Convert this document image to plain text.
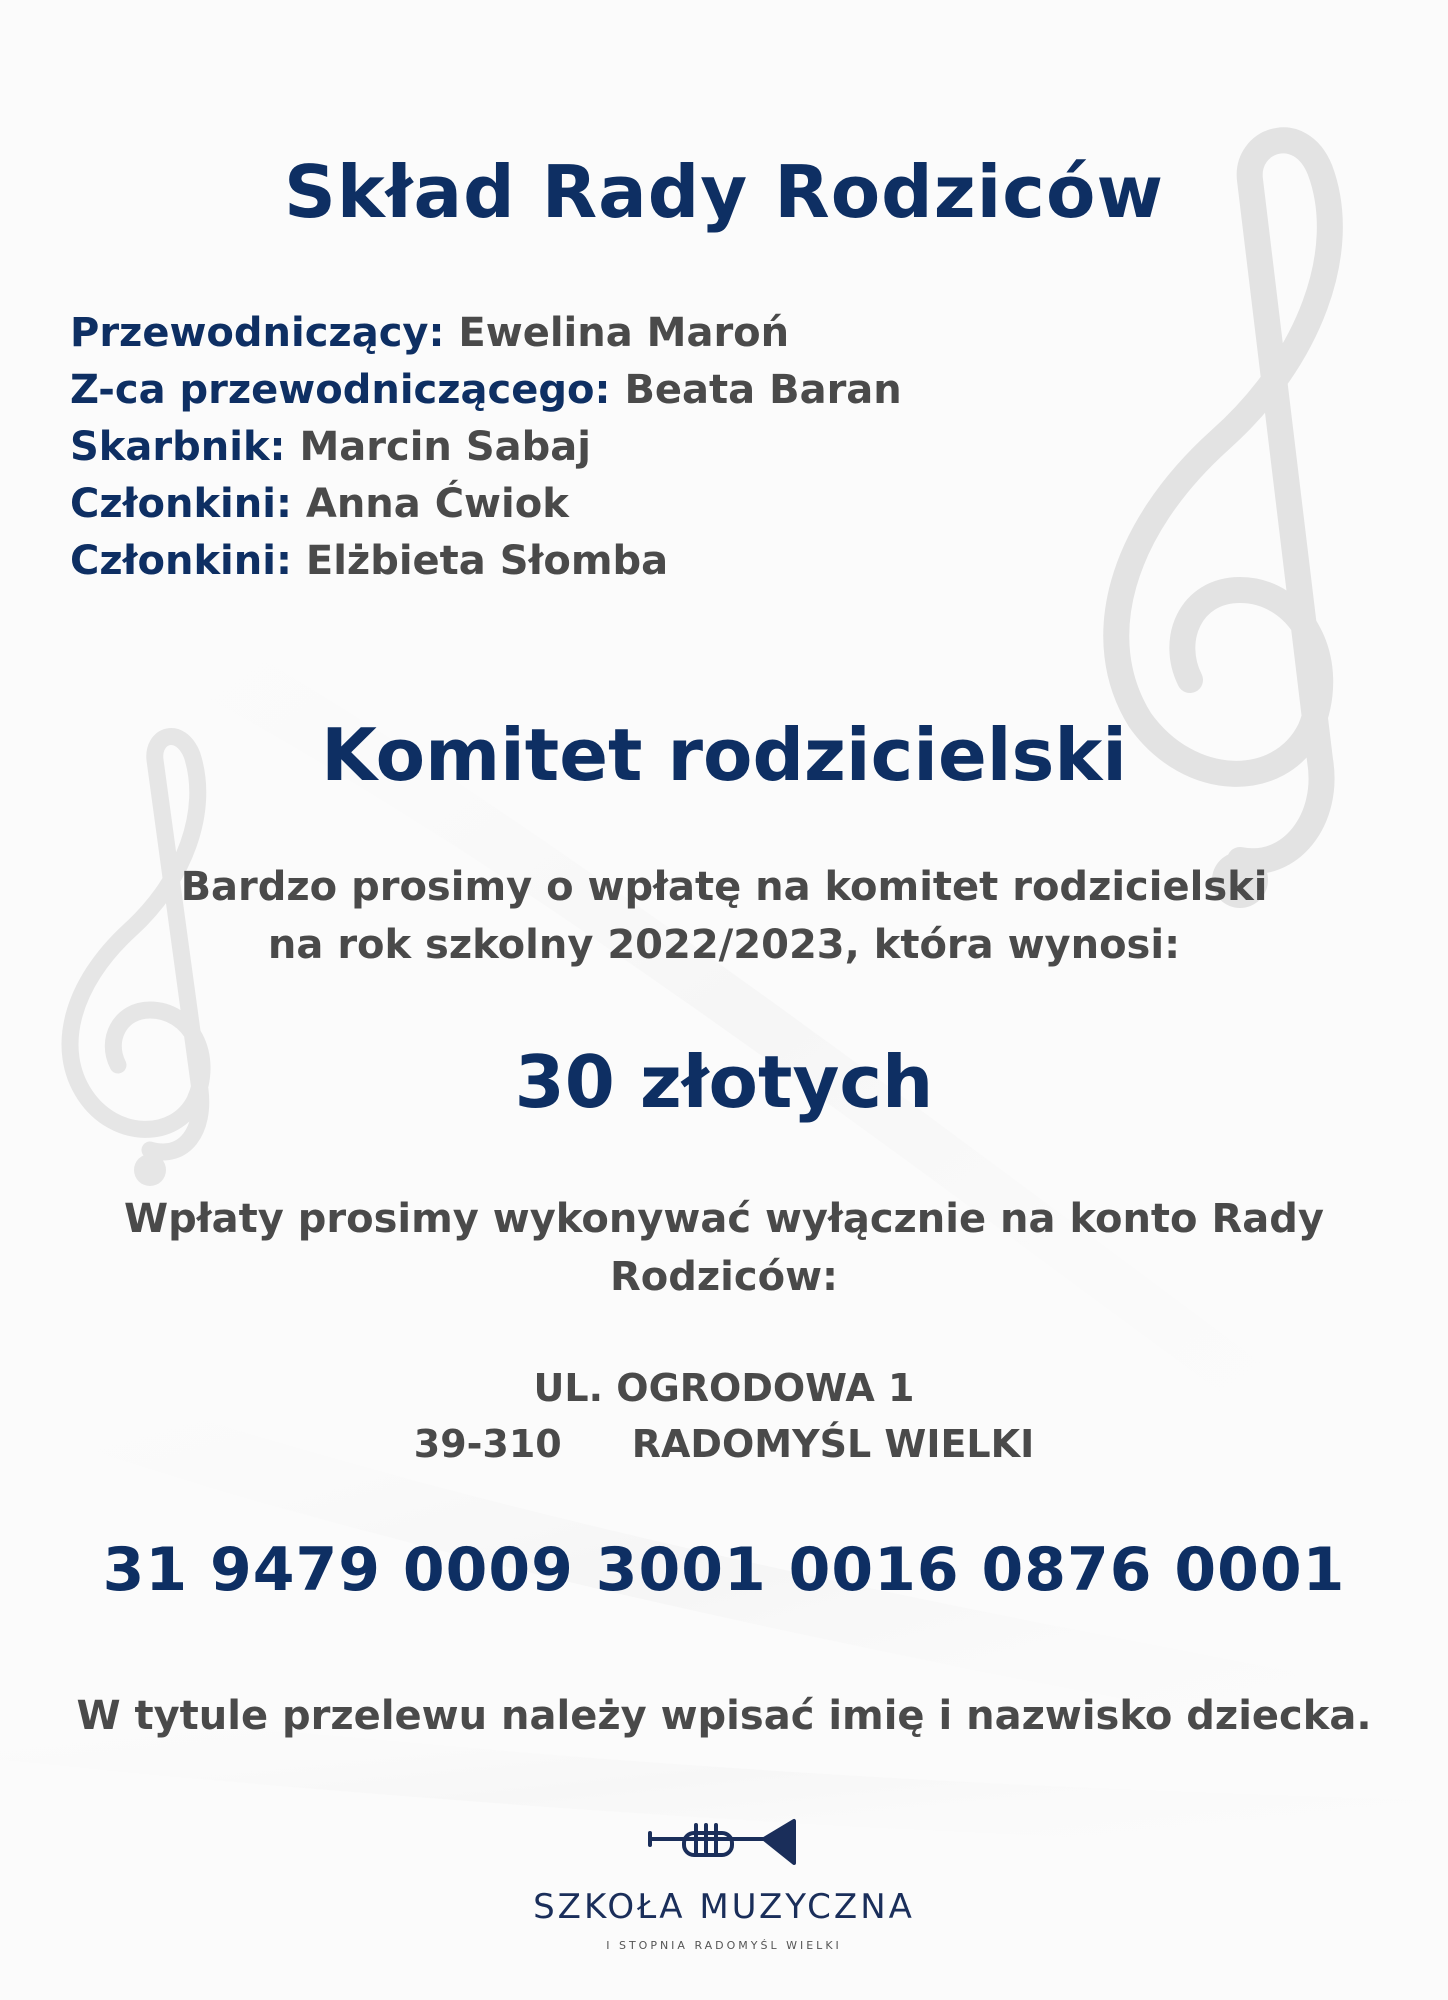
Skład Rady Rodziców
Przewodniczący: Ewelina Maroń
Z-ca przewodniczącego: Beata Baran
Skarbnik: Marcin Sabaj
Członkini: Anna Ćwiok
Członkini: Elżbieta Słomba
Komitet rodzicielski
Bardzo prosimy o wpłatę na komitet rodzicielski
na rok szkolny 2022/2023, która wynosi:
30 złotych
Wpłaty prosimy wykonywać wyłącznie na konto Rady Rodziców:
UL. OGRODOWA 1
39-310 RADOMYŚL WIELKI
31 9479 0009 3001 0016 0876 0001
W tytule przelewu należy wpisać imię i nazwisko dziecka.
SZKOŁA MUZYCZNA
I STOPNIA RADOMYŚL WIELKI
